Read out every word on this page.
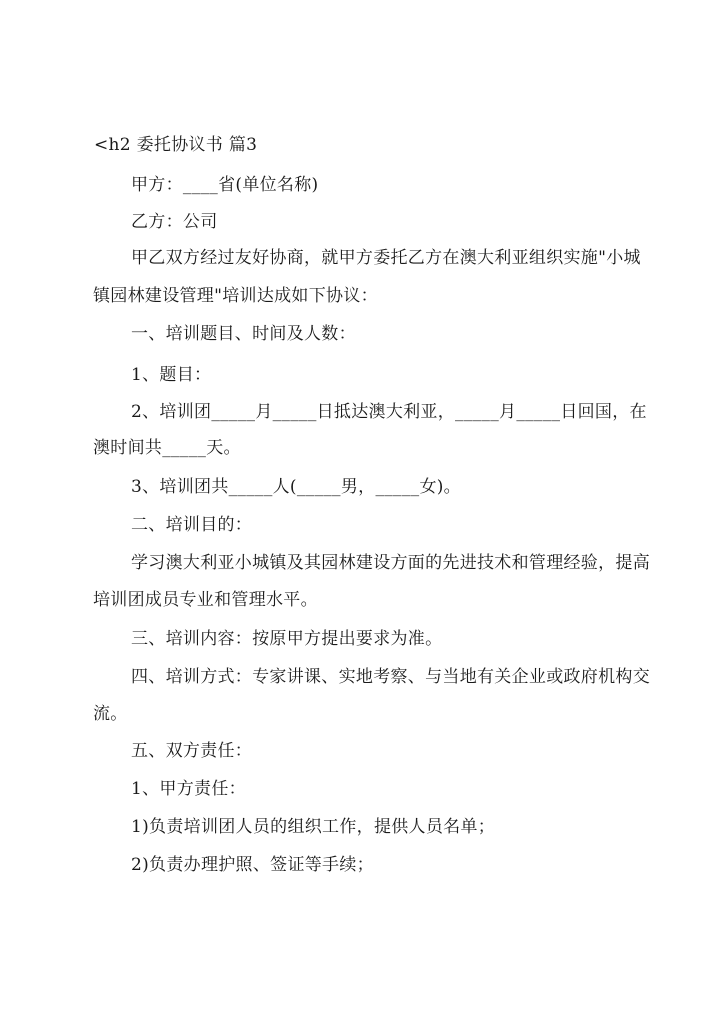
<h2 委托协议书 篇3
甲方：____省(单位名称)
乙方：公司
甲乙双方经过友好协商，就甲方委托乙方在澳大利亚组织实施"小城
镇园林建设管理"培训达成如下协议：
一、培训题目、时间及人数：
1、题目：
2、培训团_____月_____日抵达澳大利亚，_____月_____日回国，在
澳时间共_____天。
3、培训团共_____人(_____男，_____女)。
二、培训目的：
学习澳大利亚小城镇及其园林建设方面的先进技术和管理经验，提高
培训团成员专业和管理水平。
三、培训内容：按原甲方提出要求为准。
四、培训方式：专家讲课、实地考察、与当地有关企业或政府机构交
流。
五、双方责任：
1、甲方责任：
1)负责培训团人员的组织工作，提供人员名单；
2)负责办理护照、签证等手续；
